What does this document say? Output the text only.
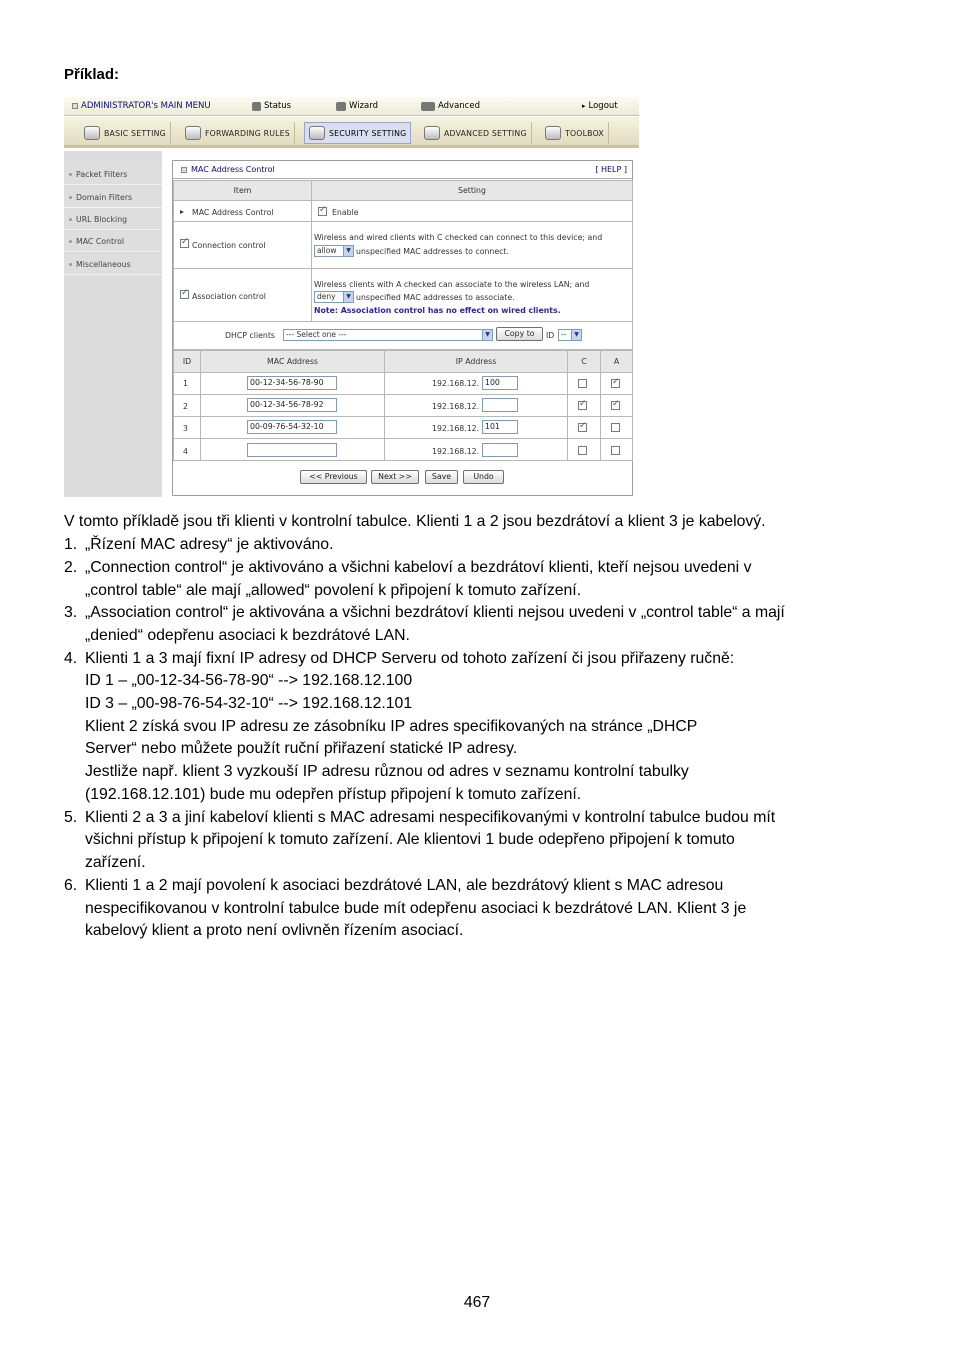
Příklad:
ADMINISTRATOR's MAIN MENU	Status	Wizard	Advanced	▸ Logout
BASIC SETTING	FORWARDING RULES	SECURITY SETTING	ADVANCED SETTING	TOOLBOX
Packet Filters
Domain Filters
URL Blocking
MAC Control
Miscellaneous
MAC Address Control	[ HELP ]
Item	Setting
▸ MAC Address Control
✓	Enable
✓
Connection control
Wireless and wired clients with C checked can connect to this device; and
allow	▼ unspecified MAC addresses to connect.
✓
Association control
Wireless clients with A checked can associate to the wireless LAN; and
deny	▼ unspecified MAC addresses to associate.
Note: Association control has no effect on wired clients.
DHCP clients	--- Select one ---	▼	Copy to	ID --	▼
ID	MAC Address	IP Address	C	A
1	00-12-34-56-78-90	192.168.12. 100
✓
2	00-12-34-56-78-92	192.168.12.
✓
✓
3	00-09-76-54-32-10	192.168.12. 101
✓
4	192.168.12.
<< Previous	Next >>	Save	Undo
V tomto příkladě jsou tři klienti v kontrolní tabulce. Klienti 1 a 2 jsou bezdrátoví a klient 3 je kabelový.
1. „Řízení MAC adresy“ je aktivováno.
2. „Connection control“ je aktivováno a všichni kabeloví a bezdrátoví klienti, kteří nejsou uvedeni v
„control table“ ale mají „allowed“ povolení k připojení k tomuto zařízení.
3. „Association control“ je aktivována a všichni bezdrátoví klienti nejsou uvedeni v „control table“ a mají
„denied“ odepřenu asociaci k bezdrátové LAN.
4. Klienti 1 a 3 mají fixní IP adresy od DHCP Serveru od tohoto zařízení či jsou přiřazeny ručně:
ID 1 – „00-12-34-56-78-90“ --> 192.168.12.100
ID 3 – „00-98-76-54-32-10“ --> 192.168.12.101
Klient 2 získá svou IP adresu ze zásobníku IP adres specifikovaných na stránce „DHCP
Server“ nebo můžete použít ruční přiřazení statické IP adresy.
Jestliže např. klient 3 vyzkouší IP adresu různou od adres v seznamu kontrolní tabulky
(192.168.12.101) bude mu odepřen přístup připojení k tomuto zařízení.
5. Klienti 2 a 3 a jiní kabeloví klienti s MAC adresami nespecifikovanými v kontrolní tabulce budou mít
všichni přístup k připojení k tomuto zařízení. Ale klientovi 1 bude odepřeno připojení k tomuto
zařízení.
6. Klienti 1 a 2 mají povolení k asociaci bezdrátové LAN, ale bezdrátový klient s MAC adresou
nespecifikovanou v kontrolní tabulce bude mít odepřenu asociaci k bezdrátové LAN. Klient 3 je
kabelový klient a proto není ovlivněn řízením asociací.
467
